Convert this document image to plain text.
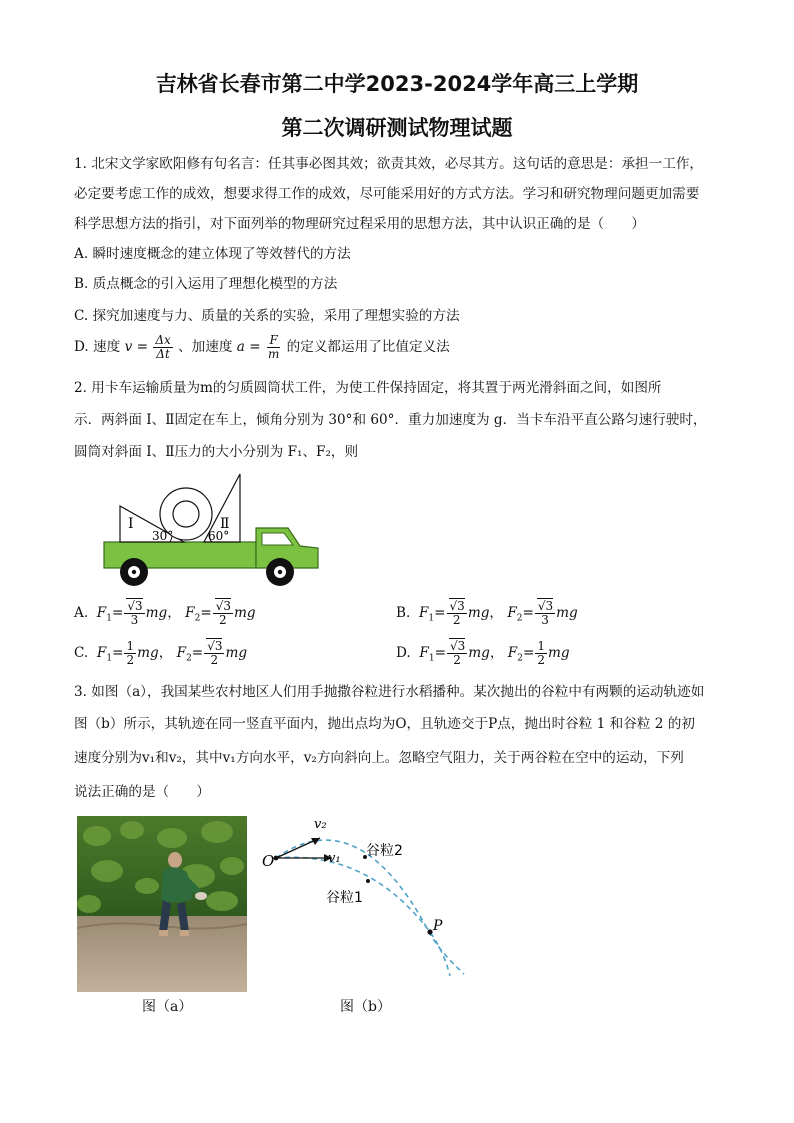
吉林省长春市第二中学2023-2024学年高三上学期
第二次调研测试物理试题
1. 北宋文学家欧阳修有句名言：任其事必图其效；欲责其效，必尽其方。这句话的意思是：承担一工作，
必定要考虑工作的成效，想要求得工作的成效，尽可能采用好的方式方法。学习和研究物理问题更加需要
科学思想方法的指引，对下面列举的物理研究过程采用的思想方法，其中认识正确的是（　　）
A. 瞬时速度概念的建立体现了等效替代的方法
B. 质点概念的引入运用了理想化模型的方法
C. 探究加速度与力、质量的关系的实验，采用了理想实验的方法
D. 速度 $v = \frac{\Delta x}{\Delta t}$ 、加速度 $a = \frac{F}{m}$ 的定义都运用了比值定义法
2. 用卡车运输质量为m的匀质圆筒状工件，为使工件保持固定，将其置于两光滑斜面之间，如图所
示．两斜面 Ⅰ、Ⅱ固定在车上，倾角分别为 30°和 60°．重力加速度为 g．当卡车沿平直公路匀速行驶时，
圆筒对斜面 Ⅰ、Ⅱ压力的大小分别为 F₁、F₂，则
Ⅰ	Ⅱ
30°	60°
A. $F_1= \frac{√3}{3}$ mg， $F_2= \frac{√3}{2}$ mg	B. $F_1= \frac{√3}{2}$ mg， $F_2= \frac{√3}{3}$ mg
C. $F_1= \frac{1}{2}$ mg， $F_2= \frac{√3}{2}$ mg	D. $F_1= \frac{√3}{2}$ mg， $F_2= \frac{1}{2}$ mg
3. 如图（a），我国某些农村地区人们用手抛撒谷粒进行水稻播种。某次抛出的谷粒中有两颗的运动轨迹如
图（b）所示，其轨迹在同一竖直平面内，抛出点均为O，且轨迹交于P点，抛出时谷粒 1 和谷粒 2 的初
速度分别为v₁和v₂，其中v₁方向水平，v₂方向斜向上。忽略空气阻力，关于两谷粒在空中的运动，下列
说法正确的是（　　）
图（a）
O
P
v₂
v₁ 谷粒2
谷粒1
图（b）
